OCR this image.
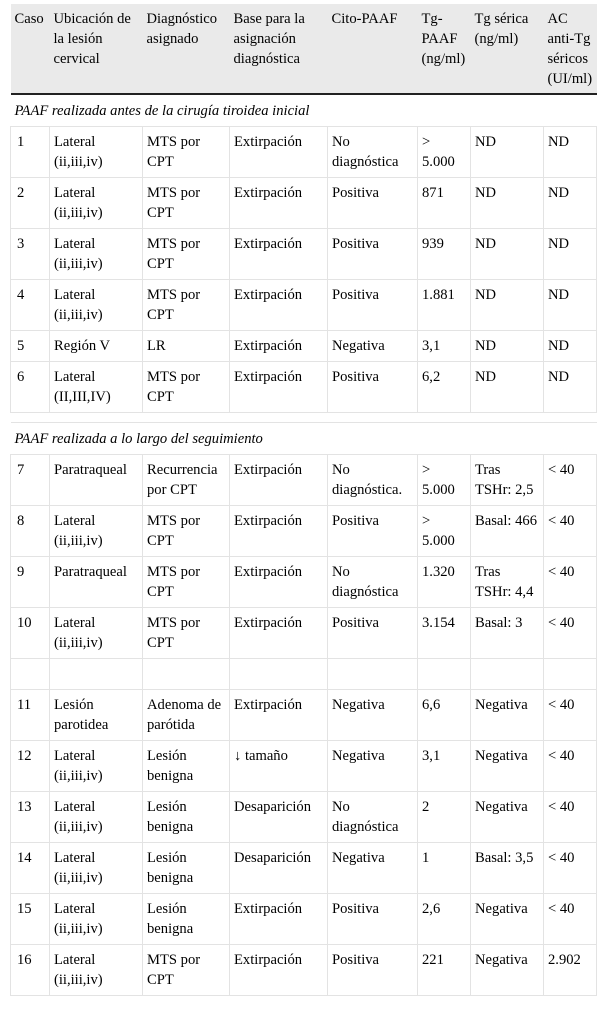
Caso	Ubicación de la lesión cervical	Diagnóstico asignado	Base para la asignación diagnóstica	Cito-PAAF	Tg-PAAF (ng/ml)	Tg sérica (ng/ml)	AC anti-Tg séricos (UI/ml)
PAAF realizada antes de la cirugía tiroidea inicial							
1	Lateral (ii,iii,iv)	MTS por CPT	Extirpación	No diagnóstica	> 5.000	ND	ND
2	Lateral (ii,iii,iv)	MTS por CPT	Extirpación	Positiva	871	ND	ND
3	Lateral (ii,iii,iv)	MTS por CPT	Extirpación	Positiva	939	ND	ND
4	Lateral (ii,iii,iv)	MTS por CPT	Extirpación	Positiva	1.881	ND	ND
5	Región V	LR	Extirpación	Negativa	3,1	ND	ND
6	Lateral (II,III,IV)	MTS por CPT	Extirpación	Positiva	6,2	ND	ND

PAAF realizada a lo largo del seguimiento							
7	Paratraqueal	Recurrencia por CPT	Extirpación	No diagnóstica.	> 5.000	Tras TSHr: 2,5	< 40
8	Lateral (ii,iii,iv)	MTS por CPT	Extirpación	Positiva	> 5.000	Basal: 466	< 40
9	Paratraqueal	MTS por CPT	Extirpación	No diagnóstica	1.320	Tras TSHr: 4,4	< 40
10	Lateral (ii,iii,iv)	MTS por CPT	Extirpación	Positiva	3.154	Basal: 3	< 40

11	Lesión parotidea	Adenoma de parótida	Extirpación	Negativa	6,6	Negativa	< 40
12	Lateral (ii,iii,iv)	Lesión benigna	↓ tamaño	Negativa	3,1	Negativa	< 40
13	Lateral (ii,iii,iv)	Lesión benigna	Desaparición	No diagnóstica	2	Negativa	< 40
14	Lateral (ii,iii,iv)	Lesión benigna	Desaparición	Negativa	1	Basal: 3,5	< 40
15	Lateral (ii,iii,iv)	Lesión benigna	Extirpación	Positiva	2,6	Negativa	< 40
16	Lateral (ii,iii,iv)	MTS por CPT	Extirpación	Positiva	221	Negativa	2.902
